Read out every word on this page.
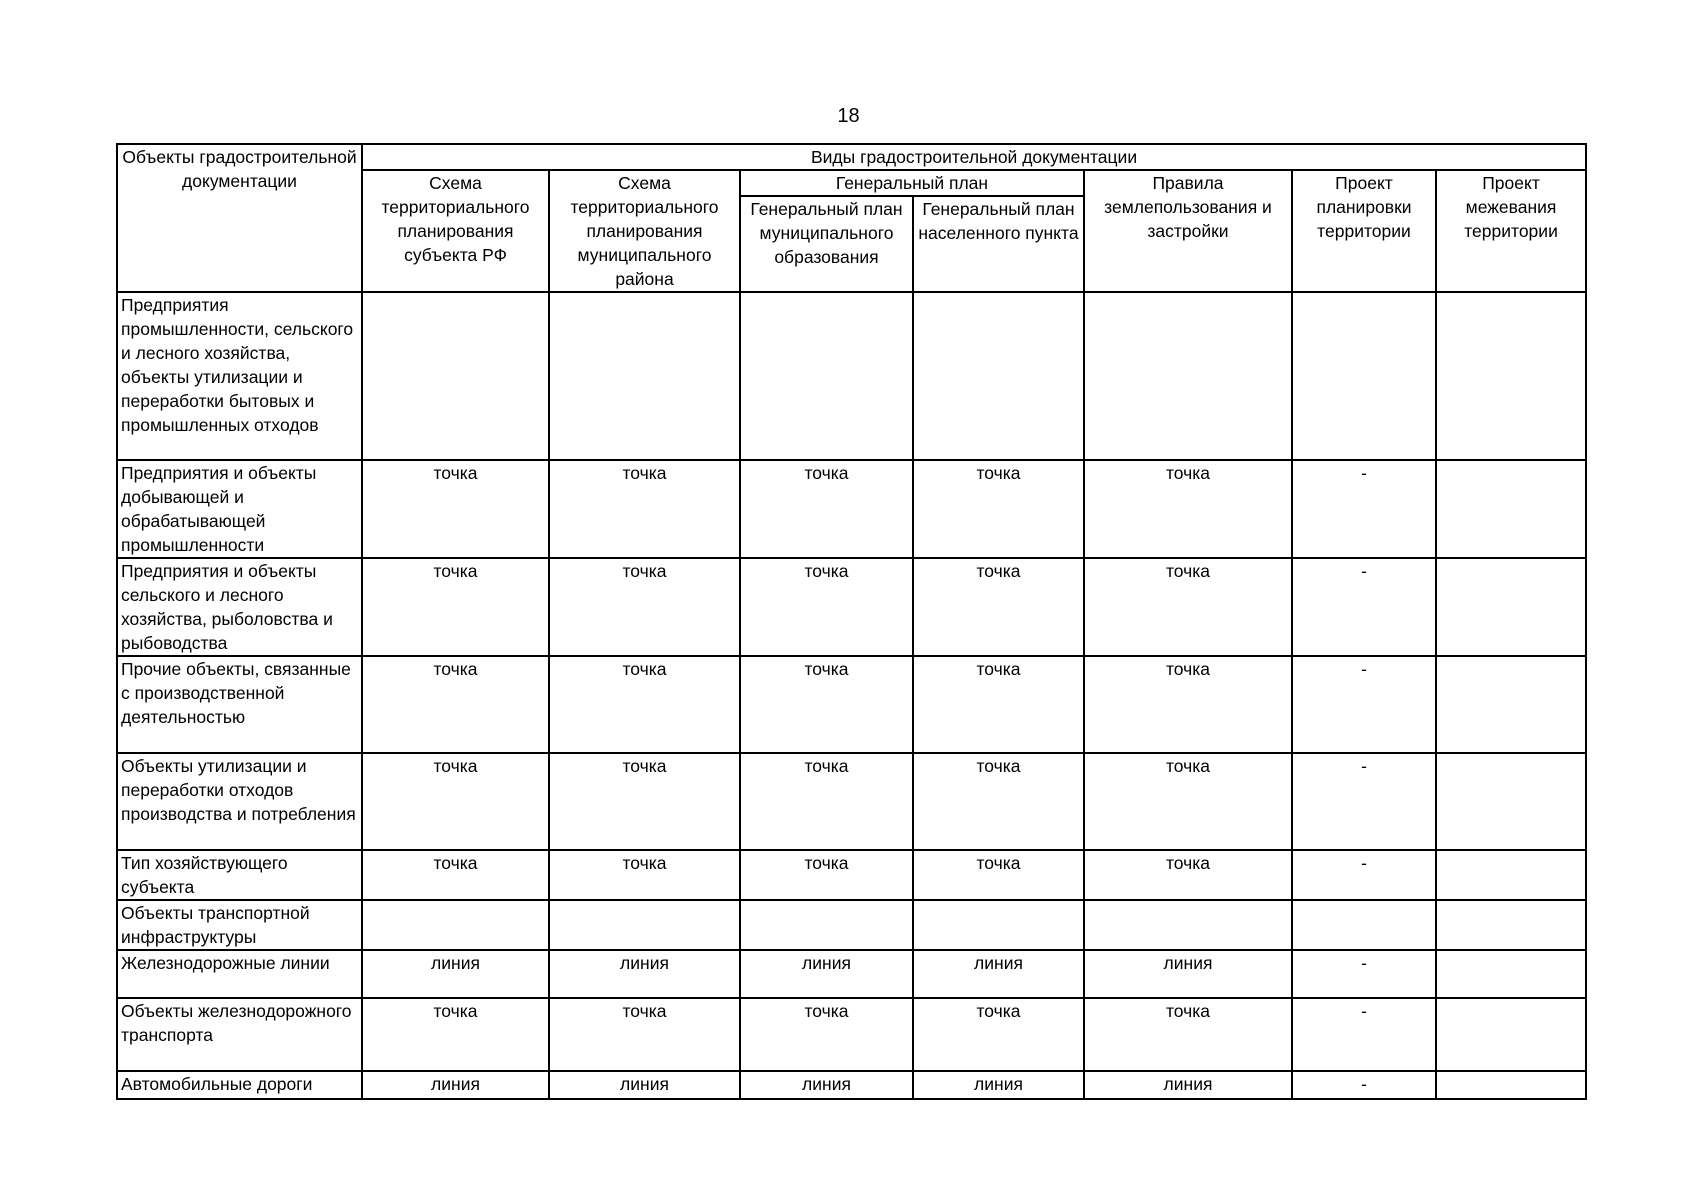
18
Объекты градостроительной документации	Виды градостроительной документации						
	Схема территориального планирования субъекта РФ	Схема территориального планирования муниципального района	Генеральный план		Правила землепользования и застройки	Проект планировки территории	Проект межевания территории
			Генеральный план муниципального образования	Генеральный план населенного пункта			
Предприятия промышленности, сельского и лесного хозяйства, объекты утилизации и переработки бытовых и промышленных отходов							
Предприятия и объекты добывающей и обрабатывающей промышленности	точка	точка	точка	точка	точка	-	
Предприятия и объекты сельского и лесного хозяйства, рыболовства и рыбоводства	точка	точка	точка	точка	точка	-	
Прочие объекты, связанные с производственной деятельностью	точка	точка	точка	точка	точка	-	
Объекты утилизации и переработки отходов производства и потребления	точка	точка	точка	точка	точка	-	
Тип хозяйствующего субъекта	точка	точка	точка	точка	точка	-	
Объекты транспортной инфраструктуры							
Железнодорожные линии	линия	линия	линия	линия	линия	-	
Объекты железнодорожного транспорта	точка	точка	точка	точка	точка	-	
Автомобильные дороги	линия	линия	линия	линия	линия	-	
